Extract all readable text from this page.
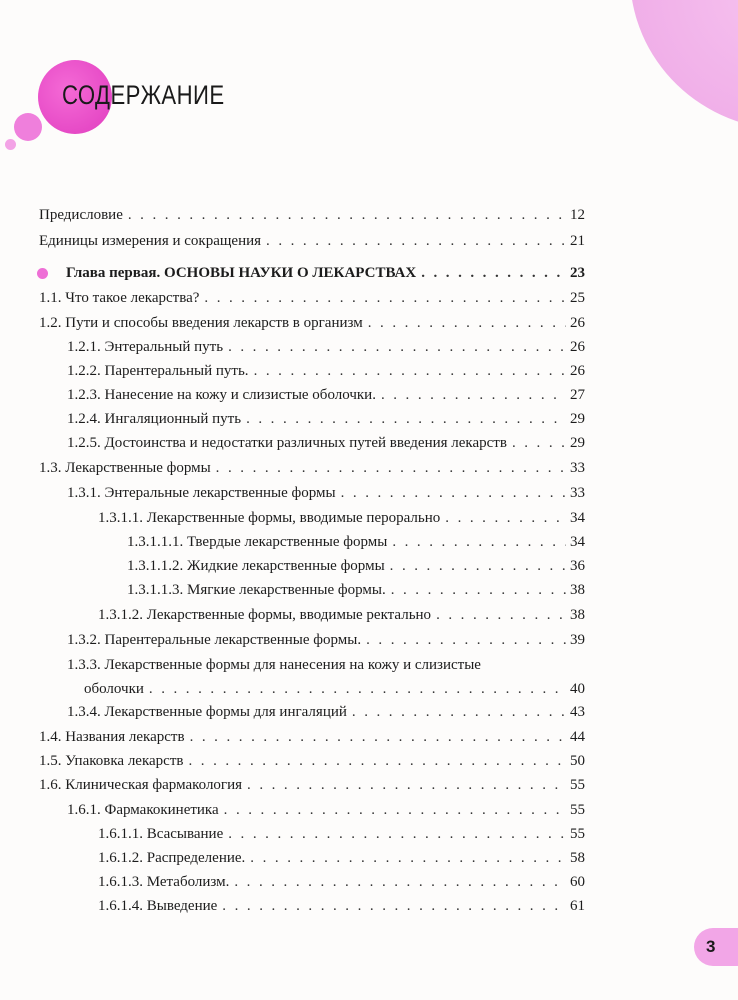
СОДЕРЖАНИЕ
Предисловие . . .	12
Единицы измерения и сокращения . . .	21
Глава первая. ОСНОВЫ НАУКИ О ЛЕКАРСТВАХ . . .	23
1.1. Что такое лекарства? . . .	25
1.2. Пути и способы введения лекарств в организм . . .	26
1.2.1. Энтеральный путь . . .	26
1.2.2. Парентеральный путь. . . .	26
1.2.3. Нанесение на кожу и слизистые оболочки. . . .	27
1.2.4. Ингаляционный путь . . .	29
1.2.5. Достоинства и недостатки различных путей введения лекарств . . .	29
1.3. Лекарственные формы . . .	33
1.3.1. Энтеральные лекарственные формы . . .	33
1.3.1.1. Лекарственные формы, вводимые перорально . . .	34
1.3.1.1.1. Твердые лекарственные формы . . .	34
1.3.1.1.2. Жидкие лекарственные формы . . .	36
1.3.1.1.3. Мягкие лекарственные формы. . . .	38
1.3.1.2. Лекарственные формы, вводимые ректально . . .	38
1.3.2. Парентеральные лекарственные формы. . . .	39
1.3.3. Лекарственные формы для нанесения на кожу и слизистые
оболочки . . .	40
1.3.4. Лекарственные формы для ингаляций . . .	43
1.4. Названия лекарств . . .	44
1.5. Упаковка лекарств . . .	50
1.6. Клиническая фармакология . . .	55
1.6.1. Фармакокинетика . . .	55
1.6.1.1. Всасывание . . .	55
1.6.1.2. Распределение. . . .	58
1.6.1.3. Метаболизм. . . .	60
1.6.1.4. Выведение . . .	61
3
